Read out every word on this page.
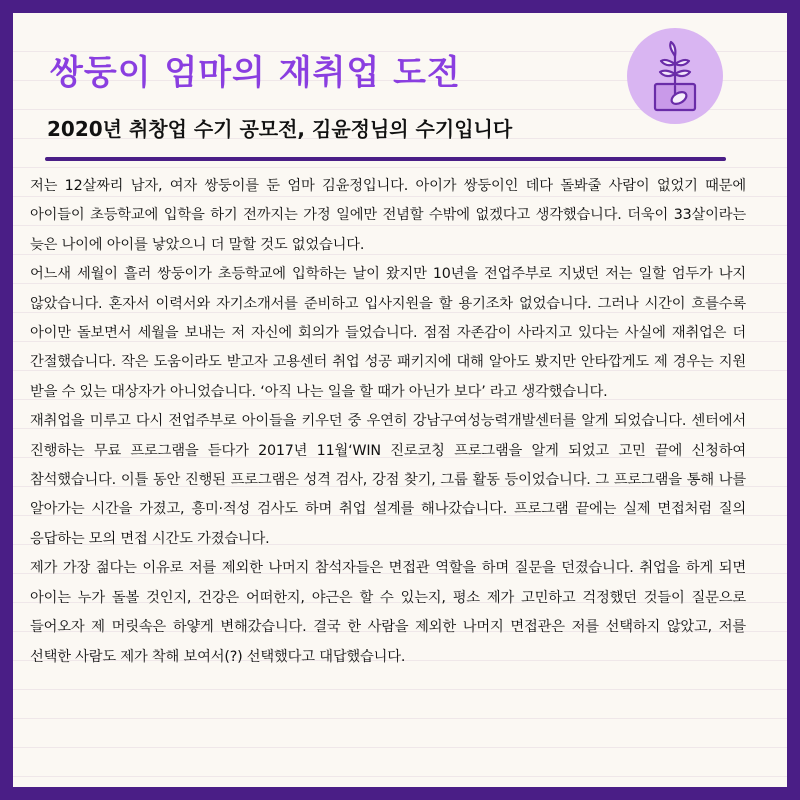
쌍둥이 엄마의 재취업 도전
2020년 취창업 수기 공모전, 김윤정님의 수기입니다

저는 12살짜리 남자, 여자 쌍둥이를 둔 엄마 김윤정입니다. 아이가 쌍둥이인 데다 돌봐줄 사람이 없었기 때문에 아이들이 초등학교에 입학을 하기 전까지는 가정 일에만 전념할 수밖에 없겠다고 생각했습니다. 더욱이 33살이라는 늦은 나이에 아이를 낳았으니 더 말할 것도 없었습니다.

어느새 세월이 흘러 쌍둥이가 초등학교에 입학하는 날이 왔지만 10년을 전업주부로 지냈던 저는 일할 엄두가 나지 않았습니다. 혼자서 이력서와 자기소개서를 준비하고 입사지원을 할 용기조차 없었습니다. 그러나 시간이 흐를수록 아이만 돌보면서 세월을 보내는 저 자신에 회의가 들었습니다. 점점 자존감이 사라지고 있다는 사실에 재취업은 더 간절했습니다. 작은 도움이라도 받고자 고용센터 취업 성공 패키지에 대해 알아도 봤지만 안타깝게도 제 경우는 지원 받을 수 있는 대상자가 아니었습니다. ‘아직 나는 일을 할 때가 아닌가 보다’ 라고 생각했습니다.

재취업을 미루고 다시 전업주부로 아이들을 키우던 중 우연히 강남구여성능력개발센터를 알게 되었습니다. 센터에서 진행하는 무료 프로그램을 듣다가 2017년 11월‘WIN 진로코칭 프로그램을 알게 되었고 고민 끝에 신청하여 참석했습니다. 이틀 동안 진행된 프로그램은 성격 검사, 강점 찾기, 그룹 활동 등이었습니다. 그 프로그램을 통해 나를 알아가는 시간을 가졌고, 흥미·적성 검사도 하며 취업 설계를 해나갔습니다. 프로그램 끝에는 실제 면접처럼 질의 응답하는 모의 면접 시간도 가졌습니다.

제가 가장 젊다는 이유로 저를 제외한 나머지 참석자들은 면접관 역할을 하며 질문을 던졌습니다. 취업을 하게 되면 아이는 누가 돌볼 것인지, 건강은 어떠한지, 야근은 할 수 있는지, 평소 제가 고민하고 걱정했던 것들이 질문으로 들어오자 제 머릿속은 하얗게 변해갔습니다. 결국 한 사람을 제외한 나머지 면접관은 저를 선택하지 않았고, 저를 선택한 사람도 제가 착해 보여서(?) 선택했다고 대답했습니다.
